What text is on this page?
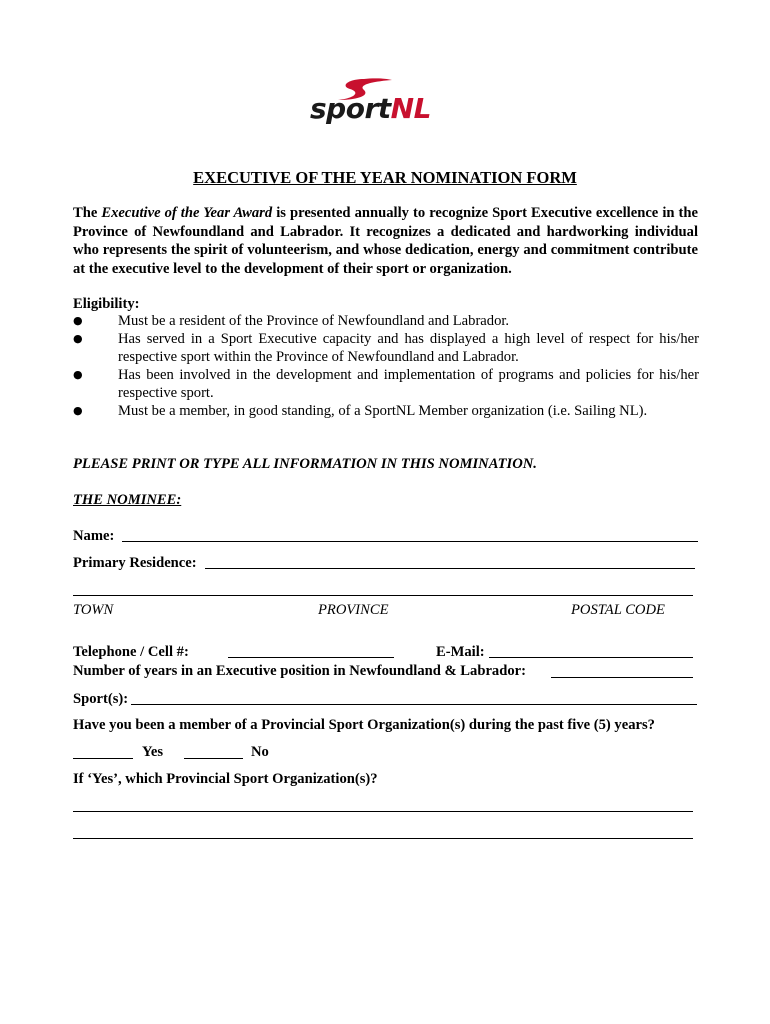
sportNL
EXECUTIVE OF THE YEAR NOMINATION FORM
The Executive of the Year Award is presented annually to recognize Sport Executive excellence in the Province of Newfoundland and Labrador. It recognizes a dedicated and hardworking individual who represents the spirit of volunteerism, and whose dedication, energy and commitment contribute at the executive level to the development of their sport or organization.
Eligibility:
● Must be a resident of the Province of Newfoundland and Labrador.
● Has served in a Sport Executive capacity and has displayed a high level of respect for his/her respective sport within the Province of Newfoundland and Labrador.
● Has been involved in the development and implementation of programs and policies for his/her respective sport.
● Must be a member, in good standing, of a SportNL Member organization (i.e. Sailing NL).
PLEASE PRINT OR TYPE ALL INFORMATION IN THIS NOMINATION.
THE NOMINEE:
Name:
Primary Residence:
TOWN	PROVINCE	POSTAL CODE
Telephone / Cell #:	E-Mail:
Number of years in an Executive position in Newfoundland & Labrador:
Sport(s):
Have you been a member of a Provincial Sport Organization(s) during the past five (5) years?
Yes	No
If ‘Yes’, which Provincial Sport Organization(s)?
